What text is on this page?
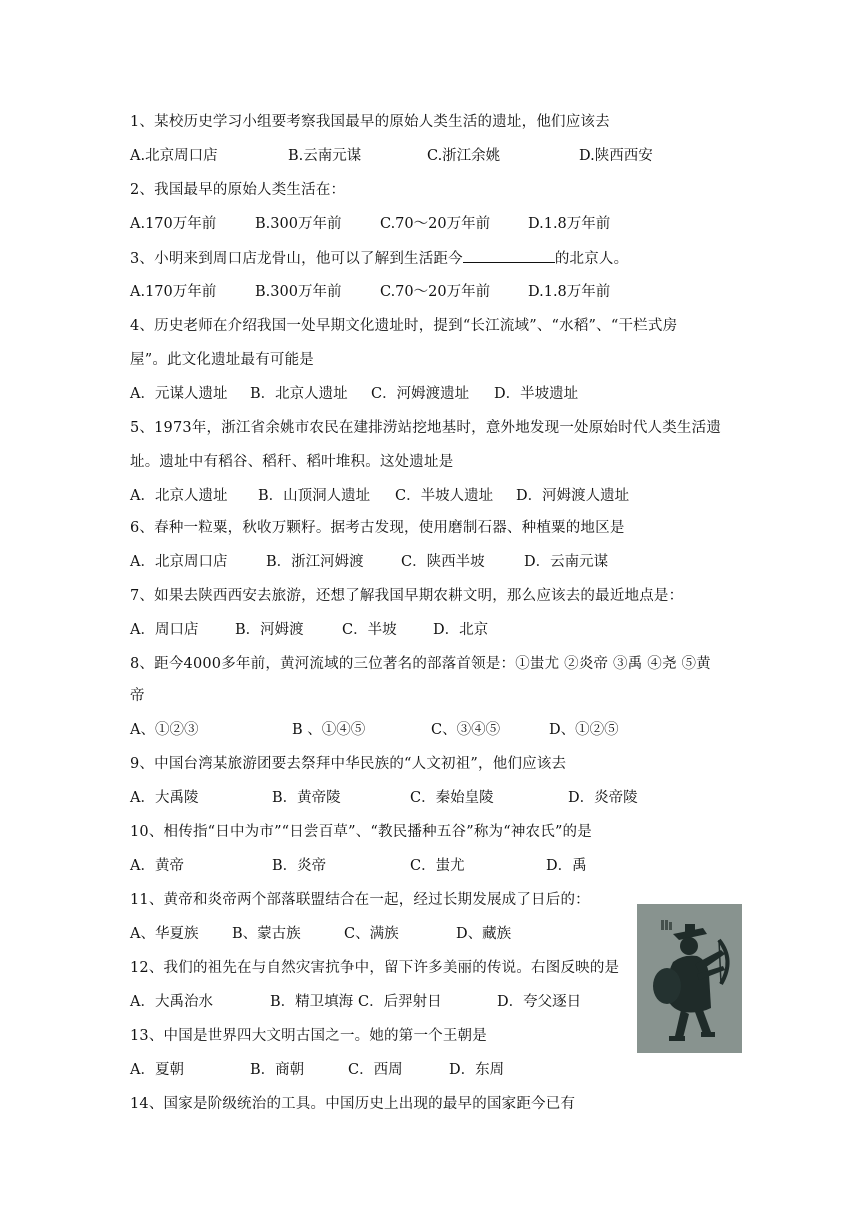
1、某校历史学习小组要考察我国最早的原始人类生活的遗址，他们应该去
A.北京周口店	B.云南元谋	C.浙江余姚	D.陕西西安
2、我国最早的原始人类生活在：
A.170万年前	B.300万年前	C.70～20万年前	D.1.8万年前
3、小明来到周口店龙骨山，他可以了解到生活距今	的北京人。
A.170万年前	B.300万年前	C.70～20万年前	D.1.8万年前
4、历史老师在介绍我国一处早期文化遗址时，提到“长江流域”、“水稻”、“干栏式房
屋”。此文化遗址最有可能是
A．元谋人遗址 B．北京人遗址 C．河姆渡遗址 D．半坡遗址
5、1973年，浙江省余姚市农民在建排涝站挖地基时，意外地发现一处原始时代人类生活遗
址。遗址中有稻谷、稻秆、稻叶堆积。这处遗址是
A．北京人遗址 B．山顶洞人遗址 C．半坡人遗址 D．河姆渡人遗址
6、春种一粒粟，秋收万颗籽。据考古发现，使用磨制石器、种植粟的地区是
A．北京周口店	B．浙江河姆渡	C．陕西半坡	D．云南元谋
7、如果去陕西西安去旅游，还想了解我国早期农耕文明，那么应该去的最近地点是：
A．周口店	B．河姆渡	C．半坡	D．北京
8、距今4000多年前，黄河流域的三位著名的部落首领是：①蚩尤 ②炎帝 ③禹 ④尧 ⑤黄
帝
A、①②③	B 、①④⑤	C、③④⑤	D、①②⑤
9、中国台湾某旅游团要去祭拜中华民族的“人文初祖”，他们应该去
A．大禹陵	B．黄帝陵	C．秦始皇陵	D．炎帝陵
10、相传指“日中为市”“日尝百草”、“教民播种五谷”称为“神农氏”的是
A．黄帝	B．炎帝	C．蚩尤	D．禹
11、黄帝和炎帝两个部落联盟结合在一起，经过长期发展成了日后的：
A、华夏族 B、蒙古族	C、满族	D、藏族
12、我们的祖先在与自然灾害抗争中，留下许多美丽的传说。右图反映的是
A．大禹治水	B．精卫填海 C．后羿射日	D．夸父逐日
13、中国是世界四大文明古国之一。她的第一个王朝是
A．夏朝	B．商朝	C．西周	D．东周
14、国家是阶级统治的工具。中国历史上出现的最早的国家距今已有
